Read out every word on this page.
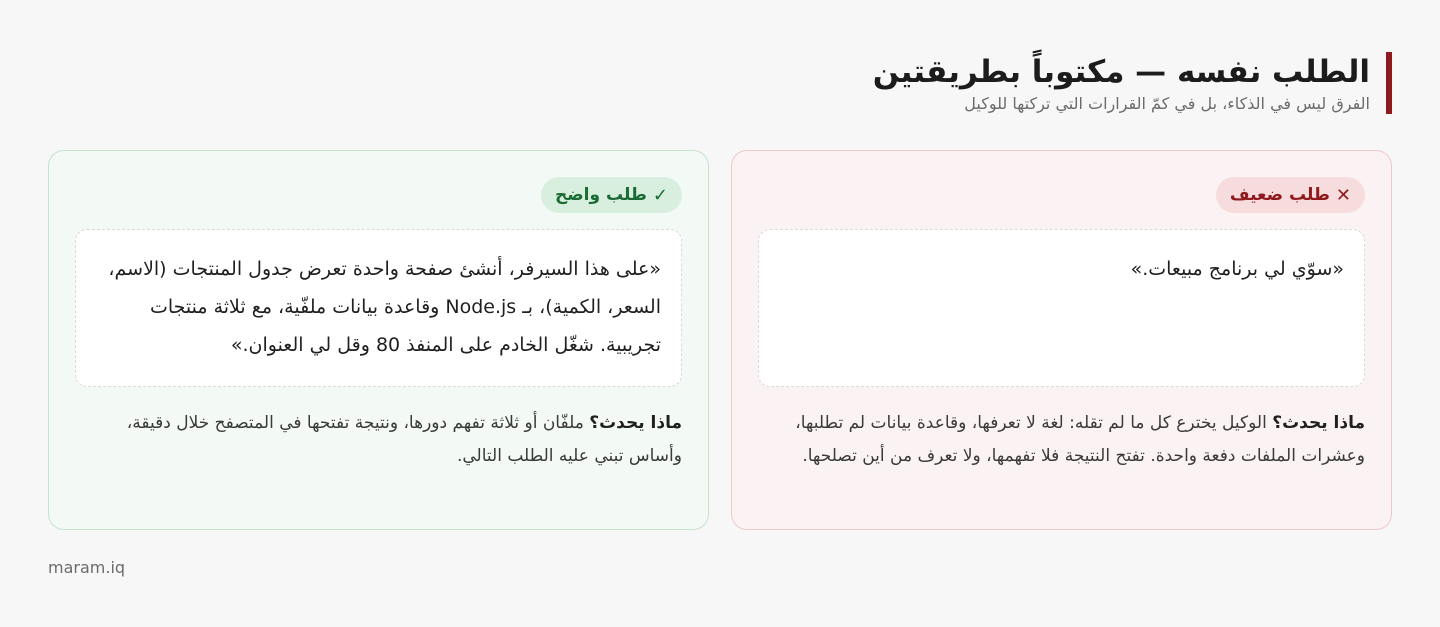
الطلب نفسه — مكتوباً بطريقتين

الفرق ليس في الذكاء، بل في كمّ القرارات التي تركتها للوكيل

✕
طلب ضعيف
«سوّي لي برنامج مبيعات.»

ماذا يحدث؟ الوكيل يخترع كل ما لم تقله: لغة لا تعرفها، وقاعدة بيانات لم تطلبها، وعشرات الملفات دفعة واحدة. تفتح النتيجة فلا تفهمها، ولا تعرف من أين تصلحها.

✓
طلب واضح
«على هذا السيرفر، أنشئ صفحة واحدة تعرض جدول المنتجات (الاسم، السعر، الكمية)، بـ Node.js وقاعدة بيانات ملفّية، مع ثلاثة منتجات تجريبية. شغّل الخادم على المنفذ 80 وقل لي العنوان.»

ماذا يحدث؟ ملفّان أو ثلاثة تفهم دورها، ونتيجة تفتحها في المتصفح خلال دقيقة، وأساس تبني عليه الطلب التالي.

maram.iq
